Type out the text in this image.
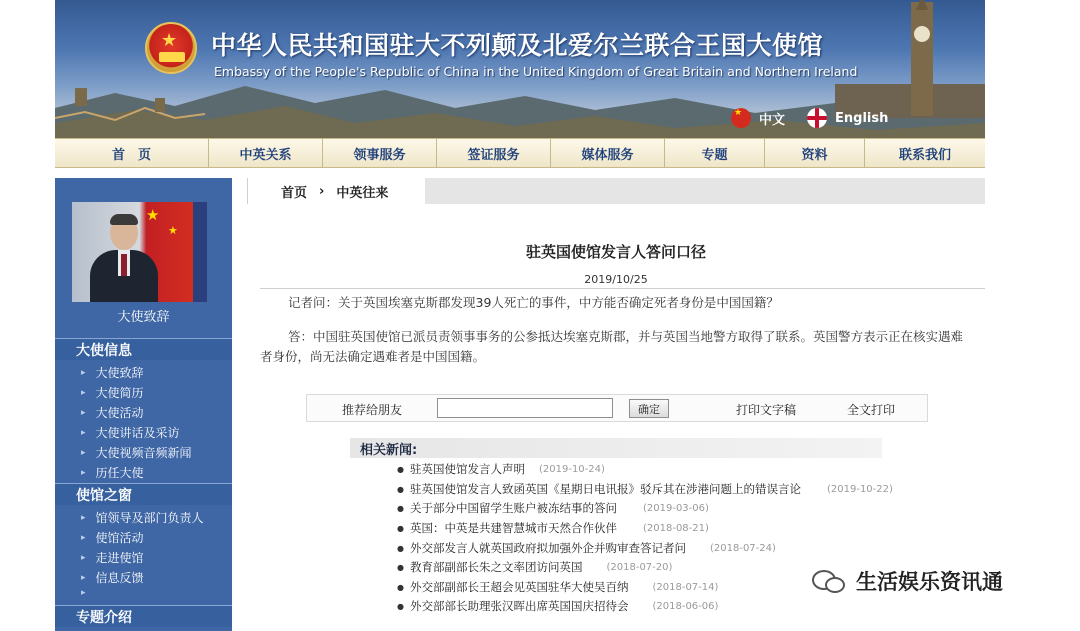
★ 中华人民共和国驻大不列颠及北爱尔兰联合王国大使馆
Embassy of the People's Republic of China in the United Kingdom of Great Britain and Northern Ireland
★
中文	English
首　页	中英关系	领事服务	签证服务	媒体服务	专题	资料	联系我们
★
★
大使致辞
大使信息
▸ 大使致辞
▸ 大使简历
▸ 大使活动
▸ 大使讲话及采访
▸ 大使视频音频新闻
▸ 历任大使
使馆之窗
▸ 馆领导及部门负责人
▸ 使馆活动
▸ 走进使馆
▸ 信息反馈
▸
专题介绍
首页 › 中英往来
驻英国使馆发言人答问口径
2019/10/25
记者问：关于英国埃塞克斯郡发现39人死亡的事件，中方能否确定死者身份是中国国籍？
答：中国驻英国使馆已派员责领事事务的公参抵达埃塞克斯郡，并与英国当地警方取得了联系。英国警方表示正在核实遇难者身份，尚无法确定遇难者是中国国籍。
推荐给朋友	确定	打印文字稿	全文打印
相关新闻:
● 驻英国使馆发言人声明 (2019-10-24)
● 驻英国使馆发言人致函英国《星期日电讯报》驳斥其在涉港问题上的错误言论	(2019-10-22)
● 关于部分中国留学生账户被冻结事的答问	(2019-03-06)
● 英国：中英是共建智慧城市天然合作伙伴	(2018-08-21)
● 外交部发言人就英国政府拟加强外企并购审查答记者问 (2018-07-24)
● 教育部副部长朱之文率团访问英国 (2018-07-20)
● 外交部副部长王超会见英国驻华大使吴百纳 (2018-07-14)
● 外交部部长助理张汉晖出席英国国庆招待会 (2018-06-06)
生活娱乐资讯通
